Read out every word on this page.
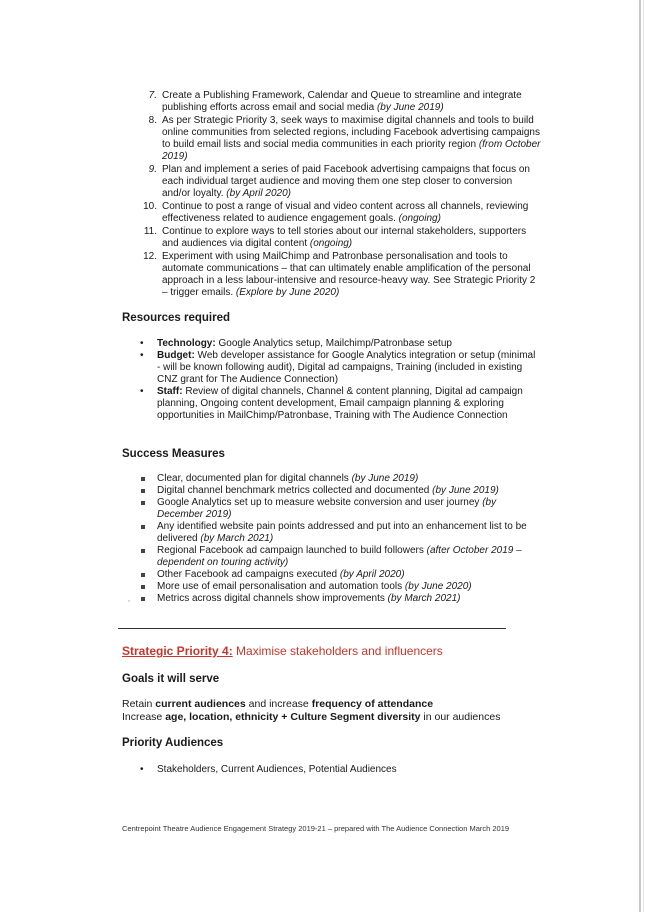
7. Create a Publishing Framework, Calendar and Queue to streamline and integrate publishing efforts across email and social media (by June 2019)
8. As per Strategic Priority 3, seek ways to maximise digital channels and tools to build online communities from selected regions, including Facebook advertising campaigns to build email lists and social media communities in each priority region (from October 2019)
9. Plan and implement a series of paid Facebook advertising campaigns that focus on each individual target audience and moving them one step closer to conversion and/or loyalty. (by April 2020)
10. Continue to post a range of visual and video content across all channels, reviewing effectiveness related to audience engagement goals. (ongoing)
11. Continue to explore ways to tell stories about our internal stakeholders, supporters and audiences via digital content (ongoing)
12. Experiment with using MailChimp and Patronbase personalisation and tools to automate communications – that can ultimately enable amplification of the personal approach in a less labour-intensive and resource-heavy way. See Strategic Priority 2 – trigger emails. (Explore by June 2020)
Resources required
• Technology: Google Analytics setup, Mailchimp/Patronbase setup
• Budget: Web developer assistance for Google Analytics integration or setup (minimal - will be known following audit), Digital ad campaigns, Training (included in existing CNZ grant for The Audience Connection)
• Staff: Review of digital channels, Channel & content planning, Digital ad campaign planning, Ongoing content development, Email campaign planning & exploring opportunities in MailChimp/Patronbase, Training with The Audience Connection
Success Measures
Clear, documented plan for digital channels (by June 2019)
Digital channel benchmark metrics collected and documented (by June 2019)
Google Analytics set up to measure website conversion and user journey (by December 2019)
Any identified website pain points addressed and put into an enhancement list to be delivered (by March 2021)
Regional Facebook ad campaign launched to build followers (after October 2019 – dependent on touring activity)
Other Facebook ad campaigns executed (by April 2020)
More use of email personalisation and automation tools (by June 2020)
Metrics across digital channels show improvements (by March 2021)
,
Strategic Priority 4: Maximise stakeholders and influencers
Goals it will serve
Retain current audiences and increase frequency of attendance
Increase age, location, ethnicity + Culture Segment diversity in our audiences
Priority Audiences
• Stakeholders, Current Audiences, Potential Audiences
Centrepoint Theatre Audience Engagement Strategy 2019-21 – prepared with The Audience Connection March 2019
